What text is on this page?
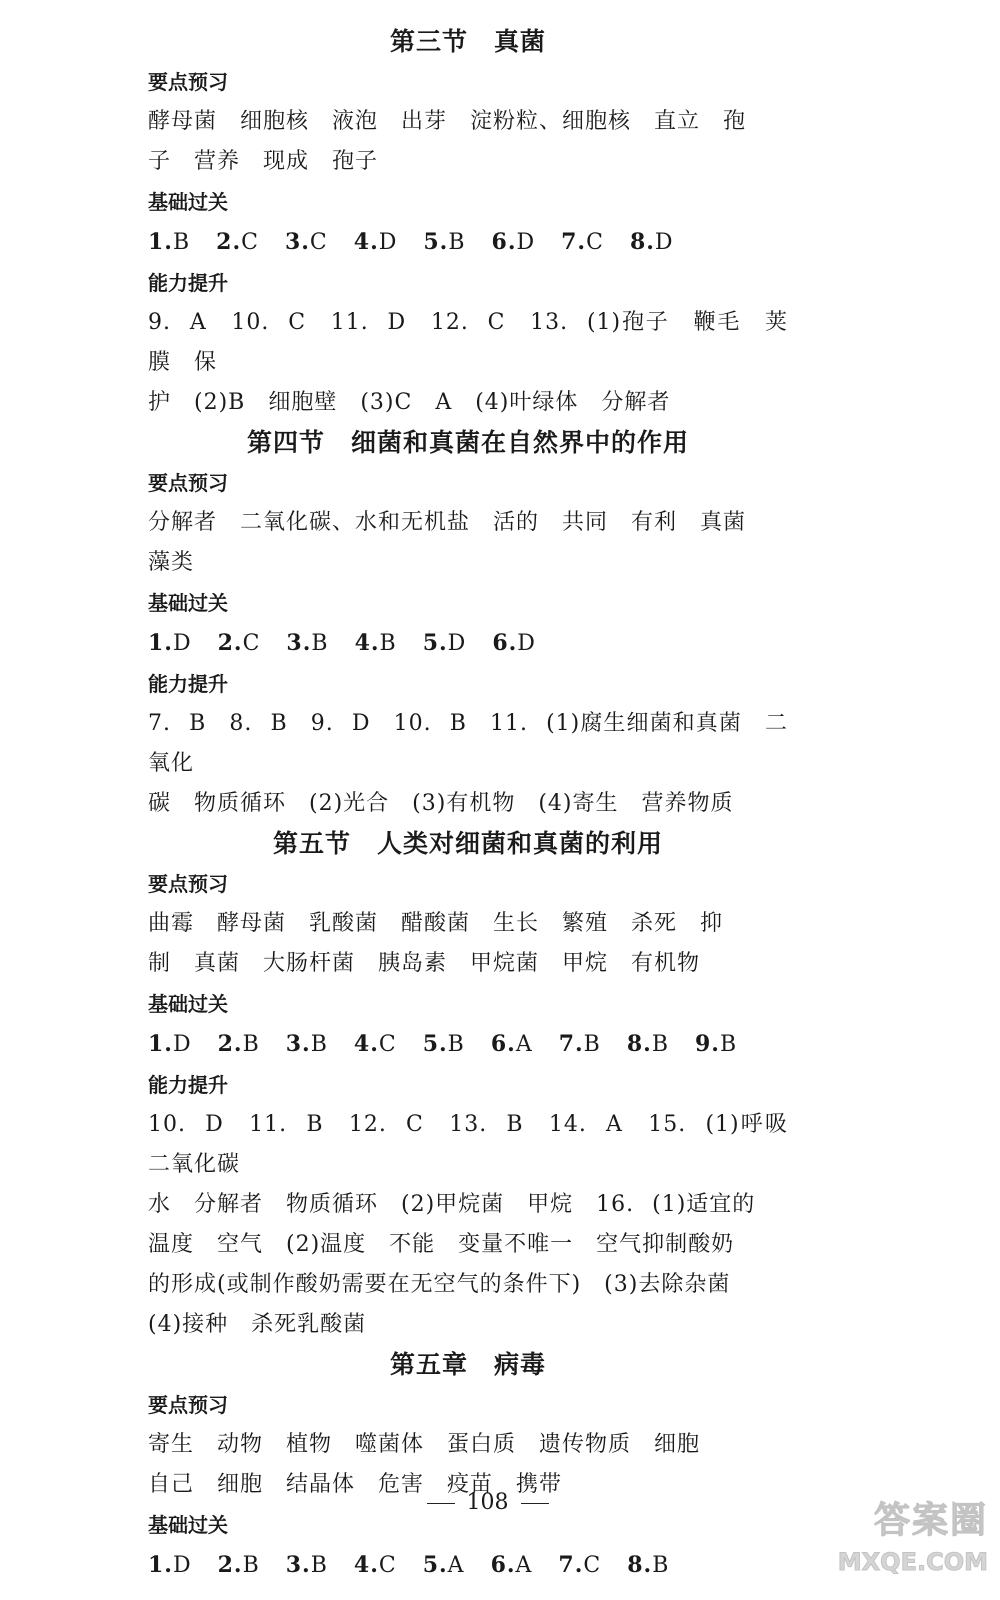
第三节　真菌
要点预习

酵母菌　细胞核　液泡　出芽　淀粉粒、细胞核　直立　孢

子　营养　现成　孢子

基础过关

1.B 2.C 3.C 4.D 5.B 6.D 7.C 8.D

能力提升

9. A　10. C　11. D　12. C　13. (1)孢子　鞭毛　荚膜　保

护　(2)B　细胞壁　(3)C　A　(4)叶绿体　分解者

第四节　细菌和真菌在自然界中的作用
要点预习

分解者　二氧化碳、水和无机盐　活的　共同　有利　真菌

藻类

基础过关

1.D 2.C 3.B 4.B 5.D 6.D

能力提升

7. B　8. B　9. D　10. B　11. (1)腐生细菌和真菌　二氧化

碳　物质循环　(2)光合　(3)有机物　(4)寄生　营养物质

第五节　人类对细菌和真菌的利用
要点预习

曲霉　酵母菌　乳酸菌　醋酸菌　生长　繁殖　杀死　抑

制　真菌　大肠杆菌　胰岛素　甲烷菌　甲烷　有机物

基础过关

1.D 2.B 3.B 4.C 5.B 6.A 7.B 8.B 9.B

能力提升

10. D　11. B　12. C　13. B　14. A　15. (1)呼吸　二氧化碳

水　分解者　物质循环　(2)甲烷菌　甲烷　16. (1)适宜的

温度　空气　(2)温度　不能　变量不唯一　空气抑制酸奶

的形成(或制作酸奶需要在无空气的条件下)　(3)去除杂菌

(4)接种　杀死乳酸菌

第五章　病毒
要点预习

寄生　动物　植物　噬菌体　蛋白质　遗传物质　细胞

自己　细胞　结晶体　危害　疫苗　携带

基础过关

1.D 2.B 3.B 4.C 5.A 6.A 7.C 8.B

108	答案圈
MXQE.COM
